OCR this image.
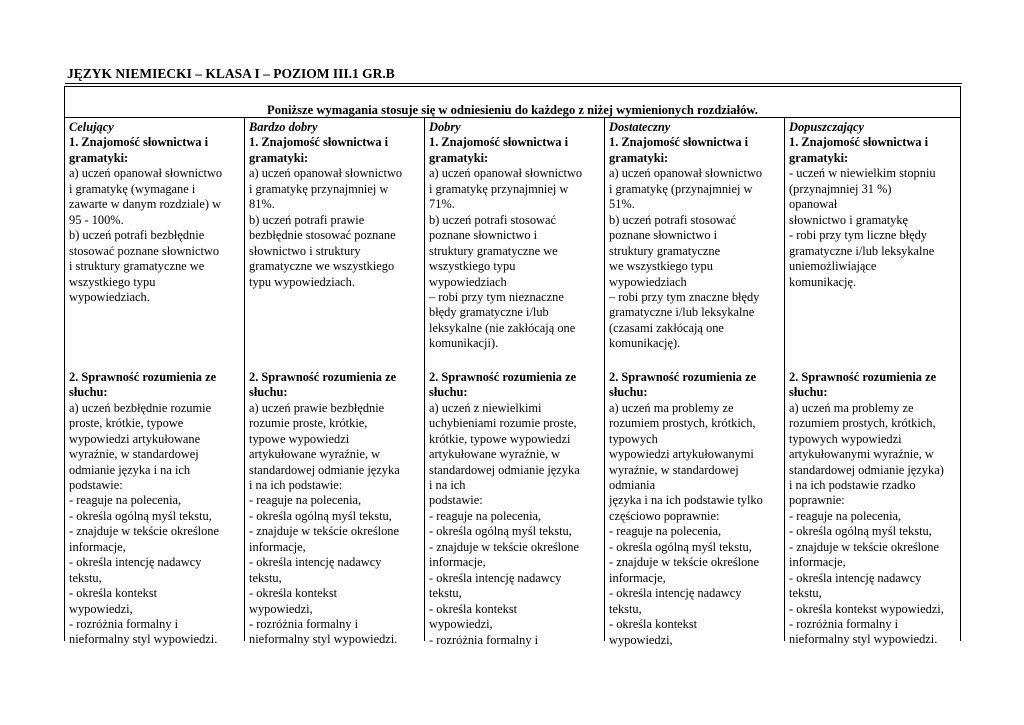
JĘZYK NIEMIECKI – KLASA I – POZIOM III.1 GR.B
Poniższe wymagania stosuje się w odniesieniu do każdego z niżej wymienionych rozdziałów.
Celujący
1. Znajomość słownictwa i
gramatyki:
a) uczeń opanował słownictwo
i gramatykę (wymagane i
zawarte w danym rozdziale) w
95 - 100%.
b) uczeń potrafi bezbłędnie
stosować poznane słownictwo
i struktury gramatyczne we
wszystkiego typu
wypowiedziach.
2. Sprawność rozumienia ze
słuchu:
a) uczeń bezbłędnie rozumie
proste, krótkie, typowe
wypowiedzi artykułowane
wyraźnie, w standardowej
odmianie języka i na ich
podstawie:
- reaguje na polecenia,
- określa ogólną myśl tekstu,
- znajduje w tekście określone
informacje,
- określa intencję nadawcy
tekstu,
- określa kontekst
wypowiedzi,
- rozróżnia formalny i
nieformalny styl wypowiedzi.
Bardzo dobry
1. Znajomość słownictwa i
gramatyki:
a) uczeń opanował słownictwo
i gramatykę przynajmniej w
81%.
b) uczeń potrafi prawie
bezbłędnie stosować poznane
słownictwo i struktury
gramatyczne we wszystkiego
typu wypowiedziach.
2. Sprawność rozumienia ze
słuchu:
a) uczeń prawie bezbłędnie
rozumie proste, krótkie,
typowe wypowiedzi
artykułowane wyraźnie, w
standardowej odmianie języka
i na ich podstawie:
- reaguje na polecenia,
- określa ogólną myśl tekstu,
- znajduje w tekście określone
informacje,
- określa intencję nadawcy
tekstu,
- określa kontekst
wypowiedzi,
- rozróżnia formalny i
nieformalny styl wypowiedzi.
Dobry
1. Znajomość słownictwa i
gramatyki:
a) uczeń opanował słownictwo
i gramatykę przynajmniej w
71%.
b) uczeń potrafi stosować
poznane słownictwo i
struktury gramatyczne we
wszystkiego typu
wypowiedziach
– robi przy tym nieznaczne
błędy gramatyczne i/lub
leksykalne (nie zakłócają one
komunikacji).
2. Sprawność rozumienia ze
słuchu:
a) uczeń z niewielkimi
uchybieniami rozumie proste,
krótkie, typowe wypowiedzi
artykułowane wyraźnie, w
standardowej odmianie języka
i na ich
podstawie:
- reaguje na polecenia,
- określa ogólną myśl tekstu,
- znajduje w tekście określone
informacje,
- określa intencję nadawcy
tekstu,
- określa kontekst
wypowiedzi,
- rozróżnia formalny i
Dostateczny
1. Znajomość słownictwa i
gramatyki:
a) uczeń opanował słownictwo
i gramatykę (przynajmniej w
51%.
b) uczeń potrafi stosować
poznane słownictwo i
struktury gramatyczne
we wszystkiego typu
wypowiedziach
– robi przy tym znaczne błędy
gramatyczne i/lub leksykalne
(czasami zakłócają one
komunikację).
2. Sprawność rozumienia ze
słuchu:
a) uczeń ma problemy ze
rozumiem prostych, krótkich,
typowych
wypowiedzi artykułowanymi
wyraźnie, w standardowej
odmiania
języka i na ich podstawie tylko
częściowo poprawnie:
- reaguje na polecenia,
- określa ogólną myśl tekstu,
- znajduje w tekście określone
informacje,
- określa intencję nadawcy
tekstu,
- określa kontekst
wypowiedzi,
Dopuszczający
1. Znajomość słownictwa i
gramatyki:
- uczeń w niewielkim stopniu
(przynajmniej 31 %)
opanował
słownictwo i gramatykę
- robi przy tym liczne błędy
gramatyczne i/lub leksykalne
uniemożliwiające
komunikację.
2. Sprawność rozumienia ze
słuchu:
a) uczeń ma problemy ze
rozumiem prostych, krótkich,
typowych wypowiedzi
artykułowanymi wyraźnie, w
standardowej odmianie języka)
i na ich podstawie rzadko
poprawnie:
- reaguje na polecenia,
- określa ogólną myśl tekstu,
- znajduje w tekście określone
informacje,
- określa intencję nadawcy
tekstu,
- określa kontekst wypowiedzi,
- rozróżnia formalny i
nieformalny styl wypowiedzi.
